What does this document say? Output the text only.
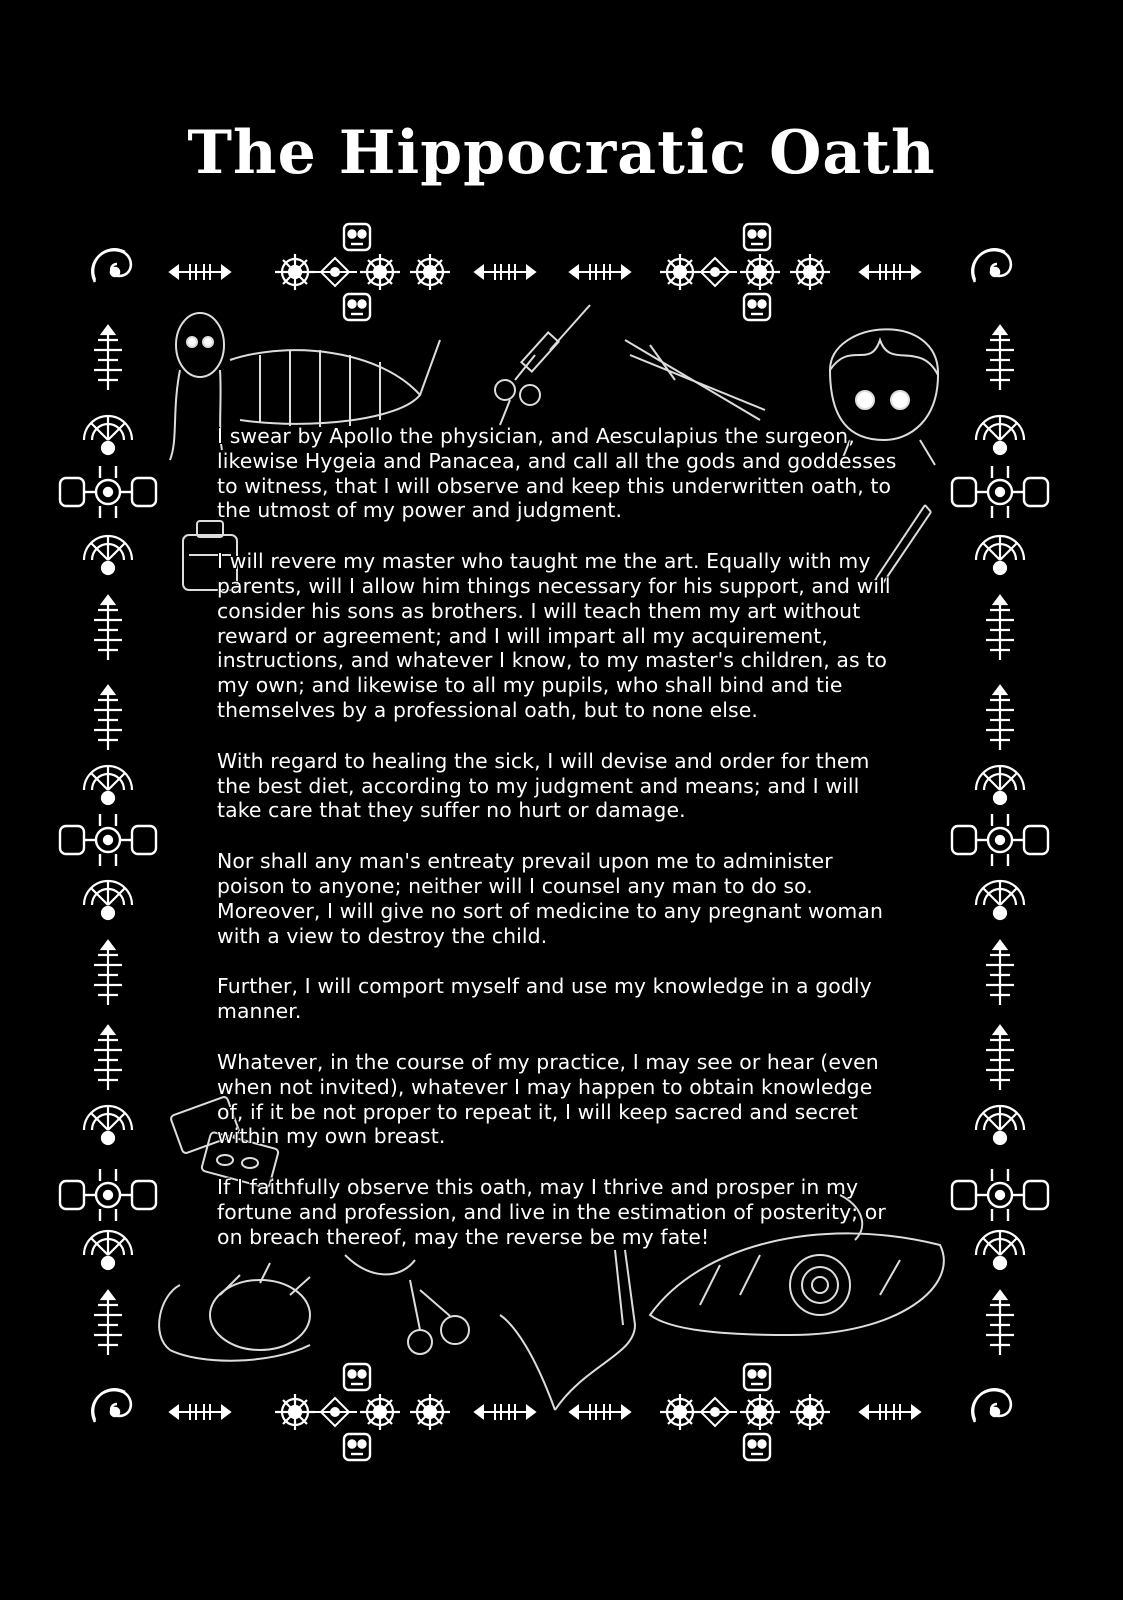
The Hippocratic Oath

I swear by Apollo the physician, and Aesculapius the surgeon, likewise Hygeia and Panacea, and call all the gods and goddesses to witness, that I will observe and keep this underwritten oath, to the utmost of my power and judgment.

I will revere my master who taught me the art. Equally with my parents, will I allow him things necessary for his support, and will consider his sons as brothers. I will teach them my art without reward or agreement; and I will impart all my acquirement, instructions, and whatever I know, to my master's children, as to my own; and likewise to all my pupils, who shall bind and tie themselves by a professional oath, but to none else.

With regard to healing the sick, I will devise and order for them the best diet, according to my judgment and means; and I will take care that they suffer no hurt or damage.

Nor shall any man's entreaty prevail upon me to administer poison to anyone; neither will I counsel any man to do so. Moreover, I will give no sort of medicine to any pregnant woman with a view to destroy the child.

Further, I will comport myself and use my knowledge in a godly manner.

Whatever, in the course of my practice, I may see or hear (even when not invited), whatever I may happen to obtain knowledge of, if it be not proper to repeat it, I will keep sacred and secret within my own breast.

If I faithfully observe this oath, may I thrive and prosper in my fortune and profession, and live in the estimation of posterity; or on breach thereof, may the reverse be my fate!
